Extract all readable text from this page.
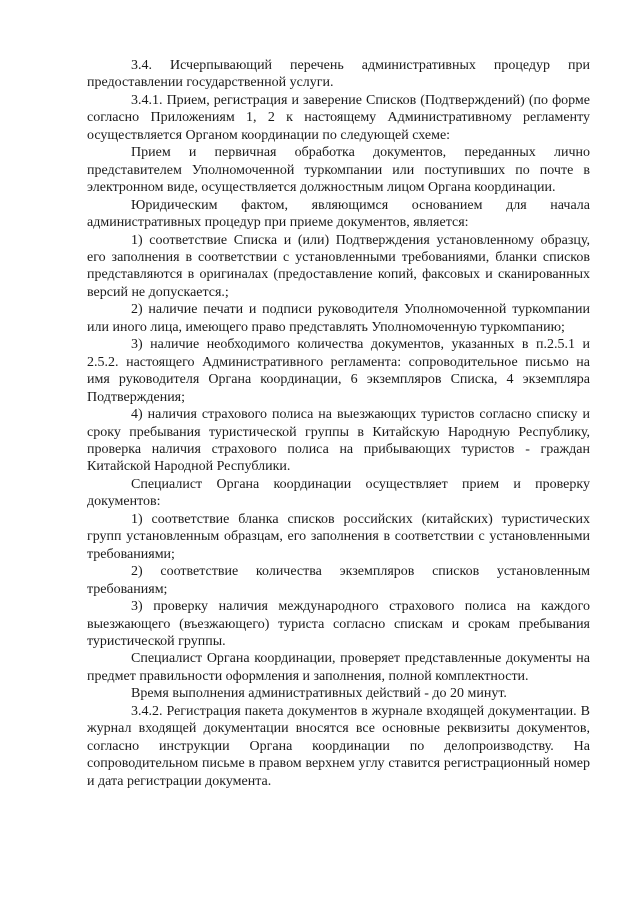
3.4. Исчерпывающий перечень административных процедур при предоставлении государственной услуги.

3.4.1. Прием, регистрация и заверение Списков (Подтверждений) (по форме согласно Приложениям 1, 2 к настоящему Административному регламенту осуществляется Органом координации по следующей схеме:

Прием и первичная обработка документов, переданных лично представителем Уполномоченной туркомпании или поступивших по почте в электронном виде, осуществляется должностным лицом Органа координации.

Юридическим фактом, являющимся основанием для начала административных процедур при приеме документов, является:

1) соответствие Списка и (или) Подтверждения установленному образцу, его заполнения в соответствии с установленными требованиями, бланки списков представляются в оригиналах (предоставление копий, факсовых и сканированных версий не допускается.;

2) наличие печати и подписи руководителя Уполномоченной туркомпании или иного лица, имеющего право представлять Уполномоченную туркомпанию;

3) наличие необходимого количества документов, указанных в п.2.5.1 и 2.5.2. настоящего Административного регламента: сопроводительное письмо на имя руководителя Органа координации, 6 экземпляров Списка, 4 экземпляра Подтверждения;

4) наличия страхового полиса на выезжающих туристов согласно списку и сроку пребывания туристической группы в Китайскую Народную Республику, проверка наличия страхового полиса на прибывающих туристов - граждан Китайской Народной Республики.

Специалист Органа координации осуществляет прием и проверку документов:

1) соответствие бланка списков российских (китайских) туристических групп установленным образцам, его заполнения в соответствии с установленными требованиями;

2) соответствие количества экземпляров списков установленным требованиям;

3) проверку наличия международного страхового полиса на каждого выезжающего (въезжающего) туриста согласно спискам и срокам пребывания туристической группы.

Специалист Органа координации, проверяет представленные документы на предмет правильности оформления и заполнения, полной комплектности.

Время выполнения административных действий - до 20 минут.

3.4.2. Регистрация пакета документов в журнале входящей документации. В журнал входящей документации вносятся все основные реквизиты документов, согласно инструкции Органа координации по делопроизводству. На сопроводительном письме в правом верхнем углу ставится регистрационный номер и дата регистрации документа.
